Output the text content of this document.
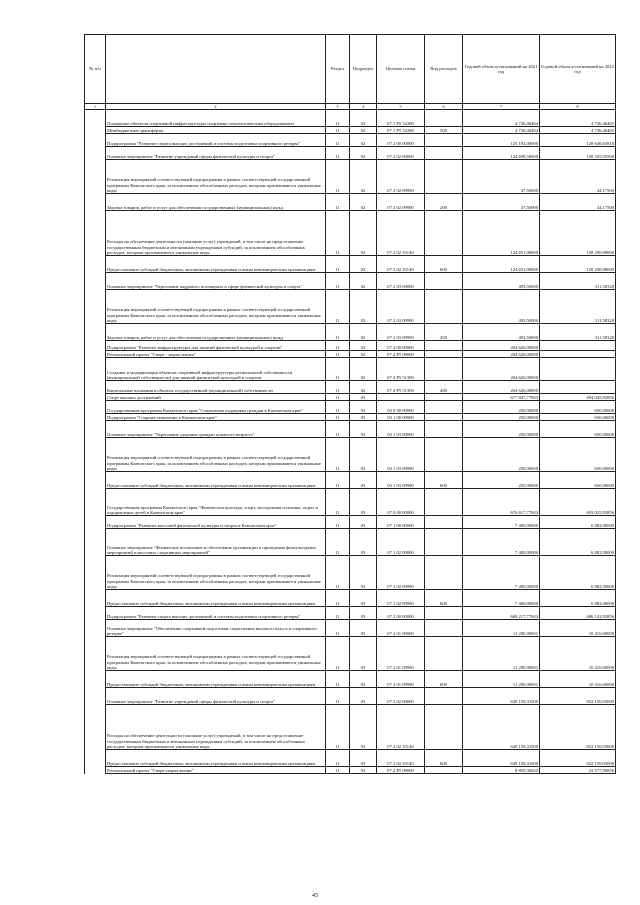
№ п/п		Раздел	Подраздел	Целевая статья	Вид расходов	Годовой объем ассигнований на 2021 год	Годовой объем ассигнований на 2022 год
1	2	3	4	5	6	7	8
	Оснащение объектов спортивной инфраструктуры спортивно-технологическим оборудованием	11	02	07 1 P5 52280		4 736,46464	4 736,46465
	Межбюджетные трансферты	11	02	07 1 P5 52280	500	4 736,46464	4 736,46465
	Подпрограмма "Развитие спорта высших достижений и системы подготовки спортивного резерва"	11	02	07 2 00 00000		125 192,08000	128 646,63818
	Основное мероприятие "Развитие учреждений сферы физической культуры и спорта"	11	02	07 2 02 00000		124 698,58000	128 335,05500
	Реализация мероприятий соответствующей подпрограммы в рамках соответствующей государственной программы Камчатского края, за исключением обособленных расходов, которым присваиваются уникальные коды	11	02	07 2 02 09990		47,50000	44,17500
	Закупка товаров, работ и услуг для обеспечения государственных (муниципальных) нужд	11	02	07 2 02 09990	200	47,50000	44,17500
	Расходы на обеспечение деятельности (оказание услуг) учреждений, в том числе на предоставление государственным бюджетным и автономным учреждениям субсидий, за исключением обособленных расходов, которым присваиваются уникальные коды	11	02	07 2 02 10140		124 651,08000	128 290,88000
	Предоставление субсидий бюджетным, автономным учреждениям и иным некоммерческим организациям	11	02	07 2 02 10140	600	124 651,08000	128 290,88000
	Основное мероприятие "Укрепление кадрового потенциала в сфере физической культуры и спорта"	11	02	07 2 03 00000		493,50000	311,58328
	Реализация мероприятий соответствующей подпрограммы в рамках соответствующей государственной программы Камчатского края, за исключением обособленных расходов, которым присваиваются уникальные коды	11	02	07 2 03 09990		493,50000	311,58328
	Закупка товаров, работ и услуг для обеспечения государственных (муниципальных) нужд	11	02	07 2 03 09990	200	493,50000	311,58328
	Подпрограмма "Развитие инфраструктуры для занятий физической культурой и спортом"	11	02	07 4 00 00000		204 626,00000	
	Региональный проект "Спорт - норма жизни"	11	02	07 4 P5 00000		204 626,00000	
	Создание и модернизация объектов спортивной инфраструктуры региональной собственности (муниципальной собственности) для занятий физической культурой и спортом	11	02	07 4 P5 51390		204 626,00000	
	Капитальные вложения в объекты государственной (муниципальной) собственности	11	02	07 4 P5 51390	400	204 626,00000	
	Спорт высших достижений	11	03			677 847,77843	694 045,93856
	Государственная программа Камчатского края "Социальная поддержка граждан в Камчатском крае"	11	03	03 0 00 00000		250,00000	650,00000
	Подпрограмма "Старшее поколение в Камчатском крае"	11	03	03 1 00 00000		250,00000	650,00000
	Основное мероприятие "Укрепление здоровья граждан пожилого возраста"	11	03	03 1 03 00000		250,00000	650,00000
	Реализация мероприятий соответствующей подпрограммы в рамках соответствующей государственной программы Камчатского края, за исключением обособленных расходов, которым присваиваются уникальные коды	11	03	03 1 03 09990		250,00000	650,00000
	Предоставление субсидий бюджетным, автономным учреждениям и иным некоммерческим организациям	11	03	03 1 03 09990	600	250,00000	650,00000
	Государственная программа Камчатского края "Физическая культура, спорт, молодежная политика, отдых и оздоровление детей в Камчатском крае"	11	03	07 0 00 00000		676 617,77843	693 025,93856
	Подпрограмма "Развитие массовой физической культуры и спорта в Камчатском крае"	11	03	07 1 00 00000		7 400,00000	6 882,00000
	Основное мероприятие "Физическое воспитание и обеспечение организации и проведения физкультурных мероприятий и массовых спортивных мероприятий"	11	03	07 1 02 00000		7 400,00000	6 882,00000
	Реализация мероприятий соответствующей подпрограммы в рамках соответствующей государственной программы Камчатского края, за исключением обособленных расходов, которым присваиваются уникальные коды	11	03	07 1 02 09990		7 400,00000	6 882,00000
	Предоставление субсидий бюджетным, автономным учреждениям и иным некоммерческим организациям	11	03	07 1 02 09990	600	7 400,00000	6 882,00000
	Подпрограмма "Развитие спорта высших достижений и системы подготовки спортивного резерва"	11	03	07 2 00 00000		669 217,77843	686 143,93856
	Основное мероприятие "Обеспечение спортивной подготовки спортсменов высокого класса и спортивного резерва"	11	03	07 2 01 00000		11 200,00001	10 416,00000
	Реализация мероприятий соответствующей подпрограммы в рамках соответствующей государственной программы Камчатского края, за исключением обособленных расходов, которым присваиваются уникальные коды	11	03	07 2 01 09990		11 200,00001	10 416,00000
	Предоставление субсидий бюджетным, автономным учреждениям и иным некоммерческим организациям	11	03	07 2 01 09990	600	11 200,00001	10 416,00000
	Основное мероприятие "Развитие учреждений сферы физической культуры и спорта"	11	03	07 2 02 00000		649 158,41000	652 150,03000
	Расходы на обеспечение деятельности (оказание услуг) учреждений, в том числе на предоставление государственным бюджетным и автономным учреждениям субсидий, за исключением обособленных расходов, которым присваиваются уникальные коды	11	03	07 2 02 10140		649 158,41000	652 150,03000
	Предоставление субсидий бюджетным, автономным учреждениям и иным некоммерческим организациям	11	03	07 2 02 10140	600	649 158,41000	652 150,03000
	Региональный проект "Спорт-норма жизни"	11	03	07 2 P5 00000		8 859,36842	23 577,90856
45
